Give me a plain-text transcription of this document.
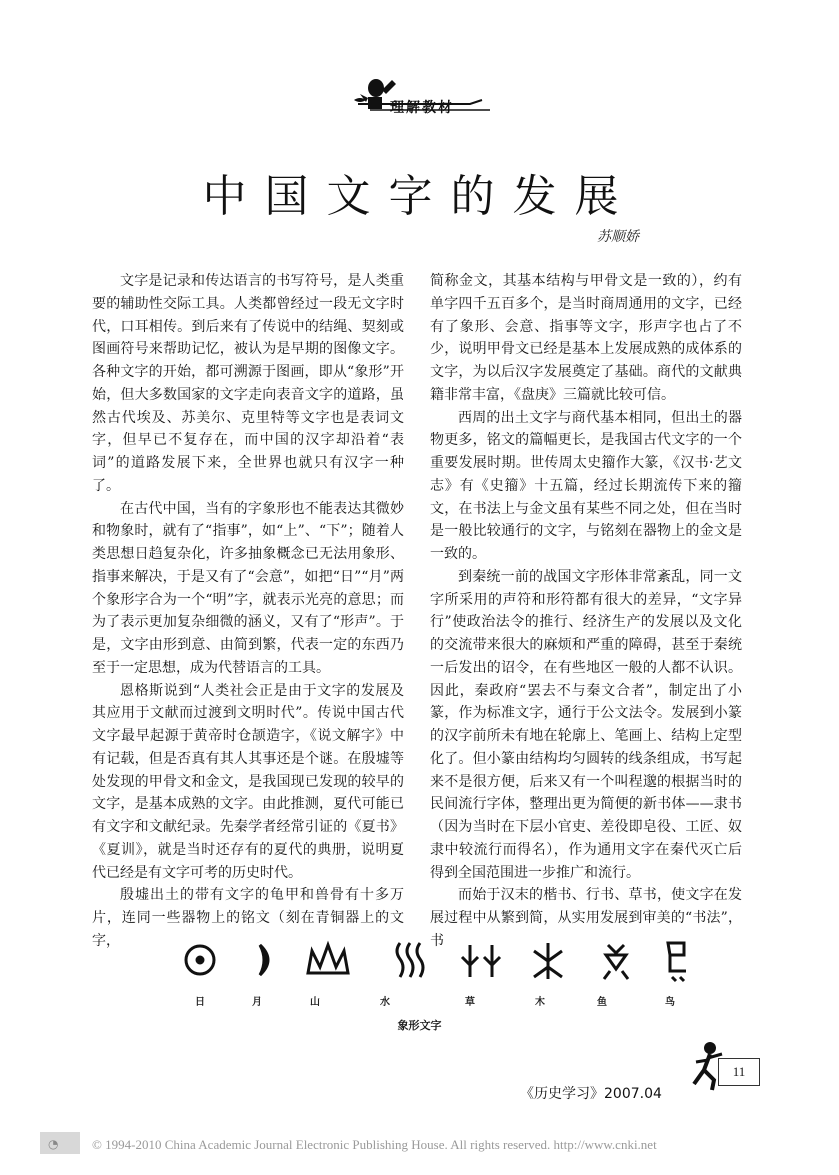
理解教材
中国文字的发展
苏顺娇

文字是记录和传达语言的书写符号，是人类重要的辅助性交际工具。人类都曾经过一段无文字时代，口耳相传。到后来有了传说中的结绳、契刻或图画符号来帮助记忆，被认为是早期的图像文字。各种文字的开始，都可溯源于图画，即从“象形”开始，但大多数国家的文字走向表音文字的道路，虽然古代埃及、苏美尔、克里特等文字也是表词文字，但早已不复存在，而中国的汉字却沿着“表词”的道路发展下来，全世界也就只有汉字一种了。

在古代中国，当有的字象形也不能表达其微妙和物象时，就有了“指事”，如“上”、“下”；随着人类思想日趋复杂化，许多抽象概念已无法用象形、指事来解决，于是又有了“会意”，如把“日”“月”两个象形字合为一个“明”字，就表示光亮的意思；而为了表示更加复杂细微的涵义，又有了“形声”。于是，文字由形到意、由简到繁，代表一定的东西乃至于一定思想，成为代替语言的工具。

恩格斯说到“人类社会正是由于文字的发展及其应用于文献而过渡到文明时代”。传说中国古代文字最早起源于黄帝时仓颉造字，《说文解字》中有记载，但是否真有其人其事还是个谜。在殷墟等处发现的甲骨文和金文，是我国现已发现的较早的文字，是基本成熟的文字。由此推测，夏代可能已有文字和文献纪录。先秦学者经常引证的《夏书》《夏训》，就是当时还存有的夏代的典册，说明夏代已经是有文字可考的历史时代。

殷墟出土的带有文字的龟甲和兽骨有十多万片，连同一些器物上的铭文（刻在青铜器上的文字，

简称金文，其基本结构与甲骨文是一致的），约有单字四千五百多个，是当时商周通用的文字，已经有了象形、会意、指事等文字，形声字也占了不少，说明甲骨文已经是基本上发展成熟的成体系的文字，为以后汉字发展奠定了基础。商代的文献典籍非常丰富，《盘庚》三篇就比较可信。

西周的出土文字与商代基本相同，但出土的器物更多，铭文的篇幅更长，是我国古代文字的一个重要发展时期。世传周太史籀作大篆，《汉书·艺文志》有《史籀》十五篇，经过长期流传下来的籀文，在书法上与金文虽有某些不同之处，但在当时是一般比较通行的文字，与铭刻在器物上的金文是一致的。

到秦统一前的战国文字形体非常紊乱，同一文字所采用的声符和形符都有很大的差异，“文字异行”使政治法令的推行、经济生产的发展以及文化的交流带来很大的麻烦和严重的障碍，甚至于秦统一后发出的诏令，在有些地区一般的人都不认识。因此，秦政府“罢去不与秦文合者”，制定出了小篆，作为标准文字，通行于公文法令。发展到小篆的汉字前所未有地在轮廓上、笔画上、结构上定型化了。但小篆由结构均匀圆转的线条组成，书写起来不是很方便，后来又有一个叫程邈的根据当时的民间流行字体，整理出更为简便的新书体——隶书（因为当时在下层小官吏、差役即皂役、工匠、奴隶中较流行而得名），作为通用文字在秦代灭亡后得到全国范围进一步推广和流行。

而始于汉末的楷书、行书、草书，使文字在发展过程中从繁到简，从实用发展到审美的“书法”，书

日	月	山	水	草	木	鱼	鸟
象形文字
11
《历史学习》2007.04
◔	© 1994-2010 China Academic Journal Electronic Publishing House. All rights reserved. http://www.cnki.net
